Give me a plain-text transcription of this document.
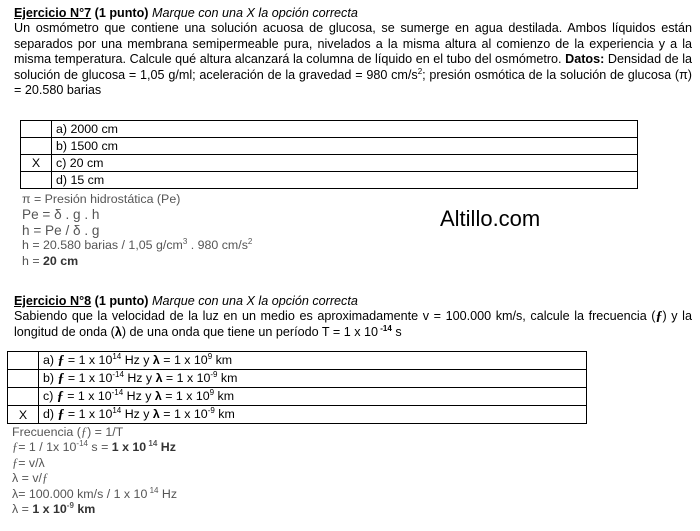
Ejercicio N°7 (1 punto) Marque con una X la opción correcta
Un osmómetro que contiene una solución acuosa de glucosa, se sumerge en agua destilada. Ambos líquidos están separados por una membrana semipermeable pura, nivelados a la misma altura al comienzo de la experiencia y a la misma temperatura. Calcule qué altura alcanzará la columna de líquido en el tubo del osmómetro. Datos: Densidad de la solución de glucosa = 1,05 g/ml; aceleración de la gravedad = 980 $cm/s^2$; presión osmótica de la solución de glucosa (π) = 20.580 barias
	a) 2000 cm
	b) 1500 cm
X	c) 20 cm
	d) 15 cm
π = Presión hidrostática (Pe)
Pe = δ . g . h
h = Pe / δ . g
h = 20.580 barias / 1,05 $g/cm^3$ . 980 $cm/s^2$
h = 20 cm
Altillo.com
Ejercicio N°8 (1 punto) Marque con una X la opción correcta
Sabiendo que la velocidad de la luz en un medio es aproximadamente v = 100.000 km/s, calcule la frecuencia (ƒ) y la longitud de onda (λ) de una onda que tiene un período T = 1 x 10 $^{-14}$ s
	a) ƒ = 1 x $10^{14}$ Hz y λ = 1 x $10^9$ km
	b) ƒ = 1 x $10^{-14}$ Hz y λ = 1 x $10^{-9}$ km
	c) ƒ = 1 x $10^{-14}$ Hz y λ = 1 x $10^9$ km
X	d) ƒ = 1 x $10^{14}$ Hz y λ = 1 x $10^{-9}$ km
Frecuencia (ƒ) = 1/T
ƒ= 1 / 1x $10^{-14}$ s = 1 x 10 $^{14}$ Hz
ƒ= v/λ
λ = v/ƒ
λ= 100.000 km/s / 1 x 10 $^{14}$ Hz
λ = 1 x $10^{-9}$ km
